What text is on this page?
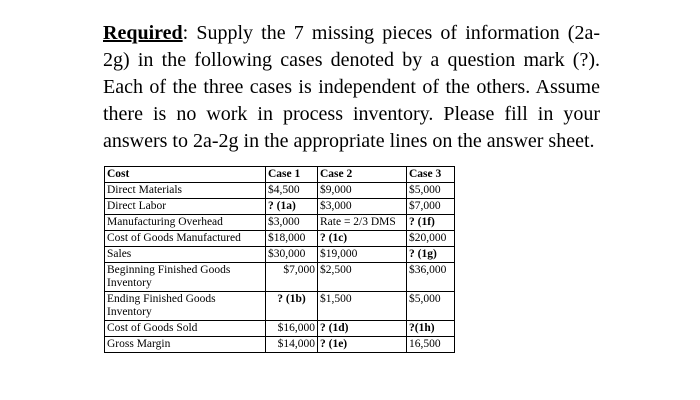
Required: Supply the 7 missing pieces of information (2a-2g) in the following cases denoted by a question mark (?). Each of the three cases is independent of the others. Assume there is no work in process inventory. Please fill in your answers to 2a-2g in the appropriate lines on the answer sheet.

Cost	Case 1	Case 2	Case 3
Direct Materials	$4,500	$9,000	$5,000
Direct Labor	? (1a)	$3,000	$7,000
Manufacturing Overhead	$3,000	Rate = 2/3 DMS	? (1f)
Cost of Goods Manufactured	$18,000	? (1c)	$20,000
Sales	$30,000	$19,000	? (1g)
Beginning Finished Goods Inventory	$7,000	$2,500	$36,000
Ending Finished Goods Inventory	? (1b)	$1,500	$5,000
Cost of Goods Sold	$16,000	? (1d)	?(1h)
Gross Margin	$14,000	? (1e)	16,500
